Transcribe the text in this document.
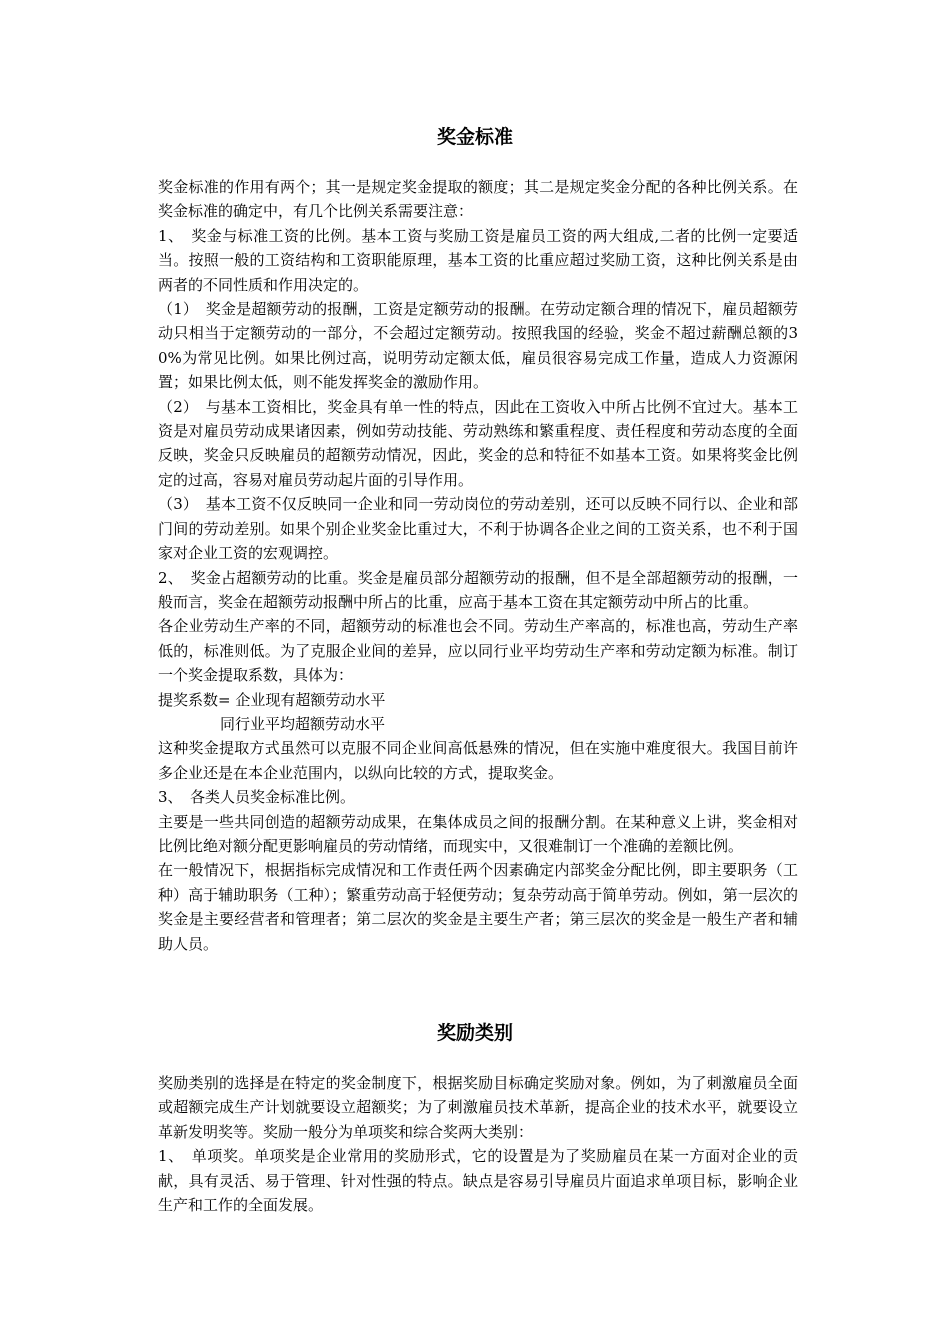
奖金标准

奖金标准的作用有两个；其一是规定奖金提取的额度；其二是规定奖金分配的各种比例关系。在奖金标准的确定中，有几个比例关系需要注意：

1、　奖金与标准工资的比例。基本工资与奖励工资是雇员工资的两大组成,二者的比例一定要适当。按照一般的工资结构和工资职能原理，基本工资的比重应超过奖励工资，这种比例关系是由两者的不同性质和作用决定的。

（1）　奖金是超额劳动的报酬，工资是定额劳动的报酬。在劳动定额合理的情况下，雇员超额劳动只相当于定额劳动的一部分，不会超过定额劳动。按照我国的经验，奖金不超过薪酬总额的30%为常见比例。如果比例过高，说明劳动定额太低，雇员很容易完成工作量，造成人力资源闲置；如果比例太低，则不能发挥奖金的激励作用。

（2）　与基本工资相比，奖金具有单一性的特点，因此在工资收入中所占比例不宜过大。基本工资是对雇员劳动成果诸因素，例如劳动技能、劳动熟练和繁重程度、责任程度和劳动态度的全面反映，奖金只反映雇员的超额劳动情况，因此，奖金的总和特征不如基本工资。如果将奖金比例定的过高，容易对雇员劳动起片面的引导作用。

（3）　基本工资不仅反映同一企业和同一劳动岗位的劳动差别，还可以反映不同行以、企业和部门间的劳动差别。如果个别企业奖金比重过大，不利于协调各企业之间的工资关系，也不利于国家对企业工资的宏观调控。

2、　奖金占超额劳动的比重。奖金是雇员部分超额劳动的报酬，但不是全部超额劳动的报酬，一般而言，奖金在超额劳动报酬中所占的比重，应高于基本工资在其定额劳动中所占的比重。

各企业劳动生产率的不同，超额劳动的标准也会不同。劳动生产率高的，标准也高，劳动生产率低的，标准则低。为了克服企业间的差异，应以同行业平均劳动生产率和劳动定额为标准。制订一个奖金提取系数，具体为：

提奖系数= 企业现有超额劳动水平

同行业平均超额劳动水平

这种奖金提取方式虽然可以克服不同企业间高低悬殊的情况，但在实施中难度很大。我国目前许多企业还是在本企业范围内，以纵向比较的方式，提取奖金。

3、　各类人员奖金标准比例。

主要是一些共同创造的超额劳动成果，在集体成员之间的报酬分割。在某种意义上讲，奖金相对比例比绝对额分配更影响雇员的劳动情绪，而现实中，又很难制订一个准确的差额比例。

在一般情况下，根据指标完成情况和工作责任两个因素确定内部奖金分配比例，即主要职务（工种）高于辅助职务（工种）；繁重劳动高于轻便劳动；复杂劳动高于简单劳动。例如，第一层次的奖金是主要经营者和管理者；第二层次的奖金是主要生产者；第三层次的奖金是一般生产者和辅助人员。

奖励类别

奖励类别的选择是在特定的奖金制度下，根据奖励目标确定奖励对象。例如，为了刺激雇员全面或超额完成生产计划就要设立超额奖；为了刺激雇员技术革新，提高企业的技术水平，就要设立革新发明奖等。奖励一般分为单项奖和综合奖两大类别：

1、　单项奖。单项奖是企业常用的奖励形式，它的设置是为了奖励雇员在某一方面对企业的贡献，具有灵活、易于管理、针对性强的特点。缺点是容易引导雇员片面追求单项目标，影响企业生产和工作的全面发展。
